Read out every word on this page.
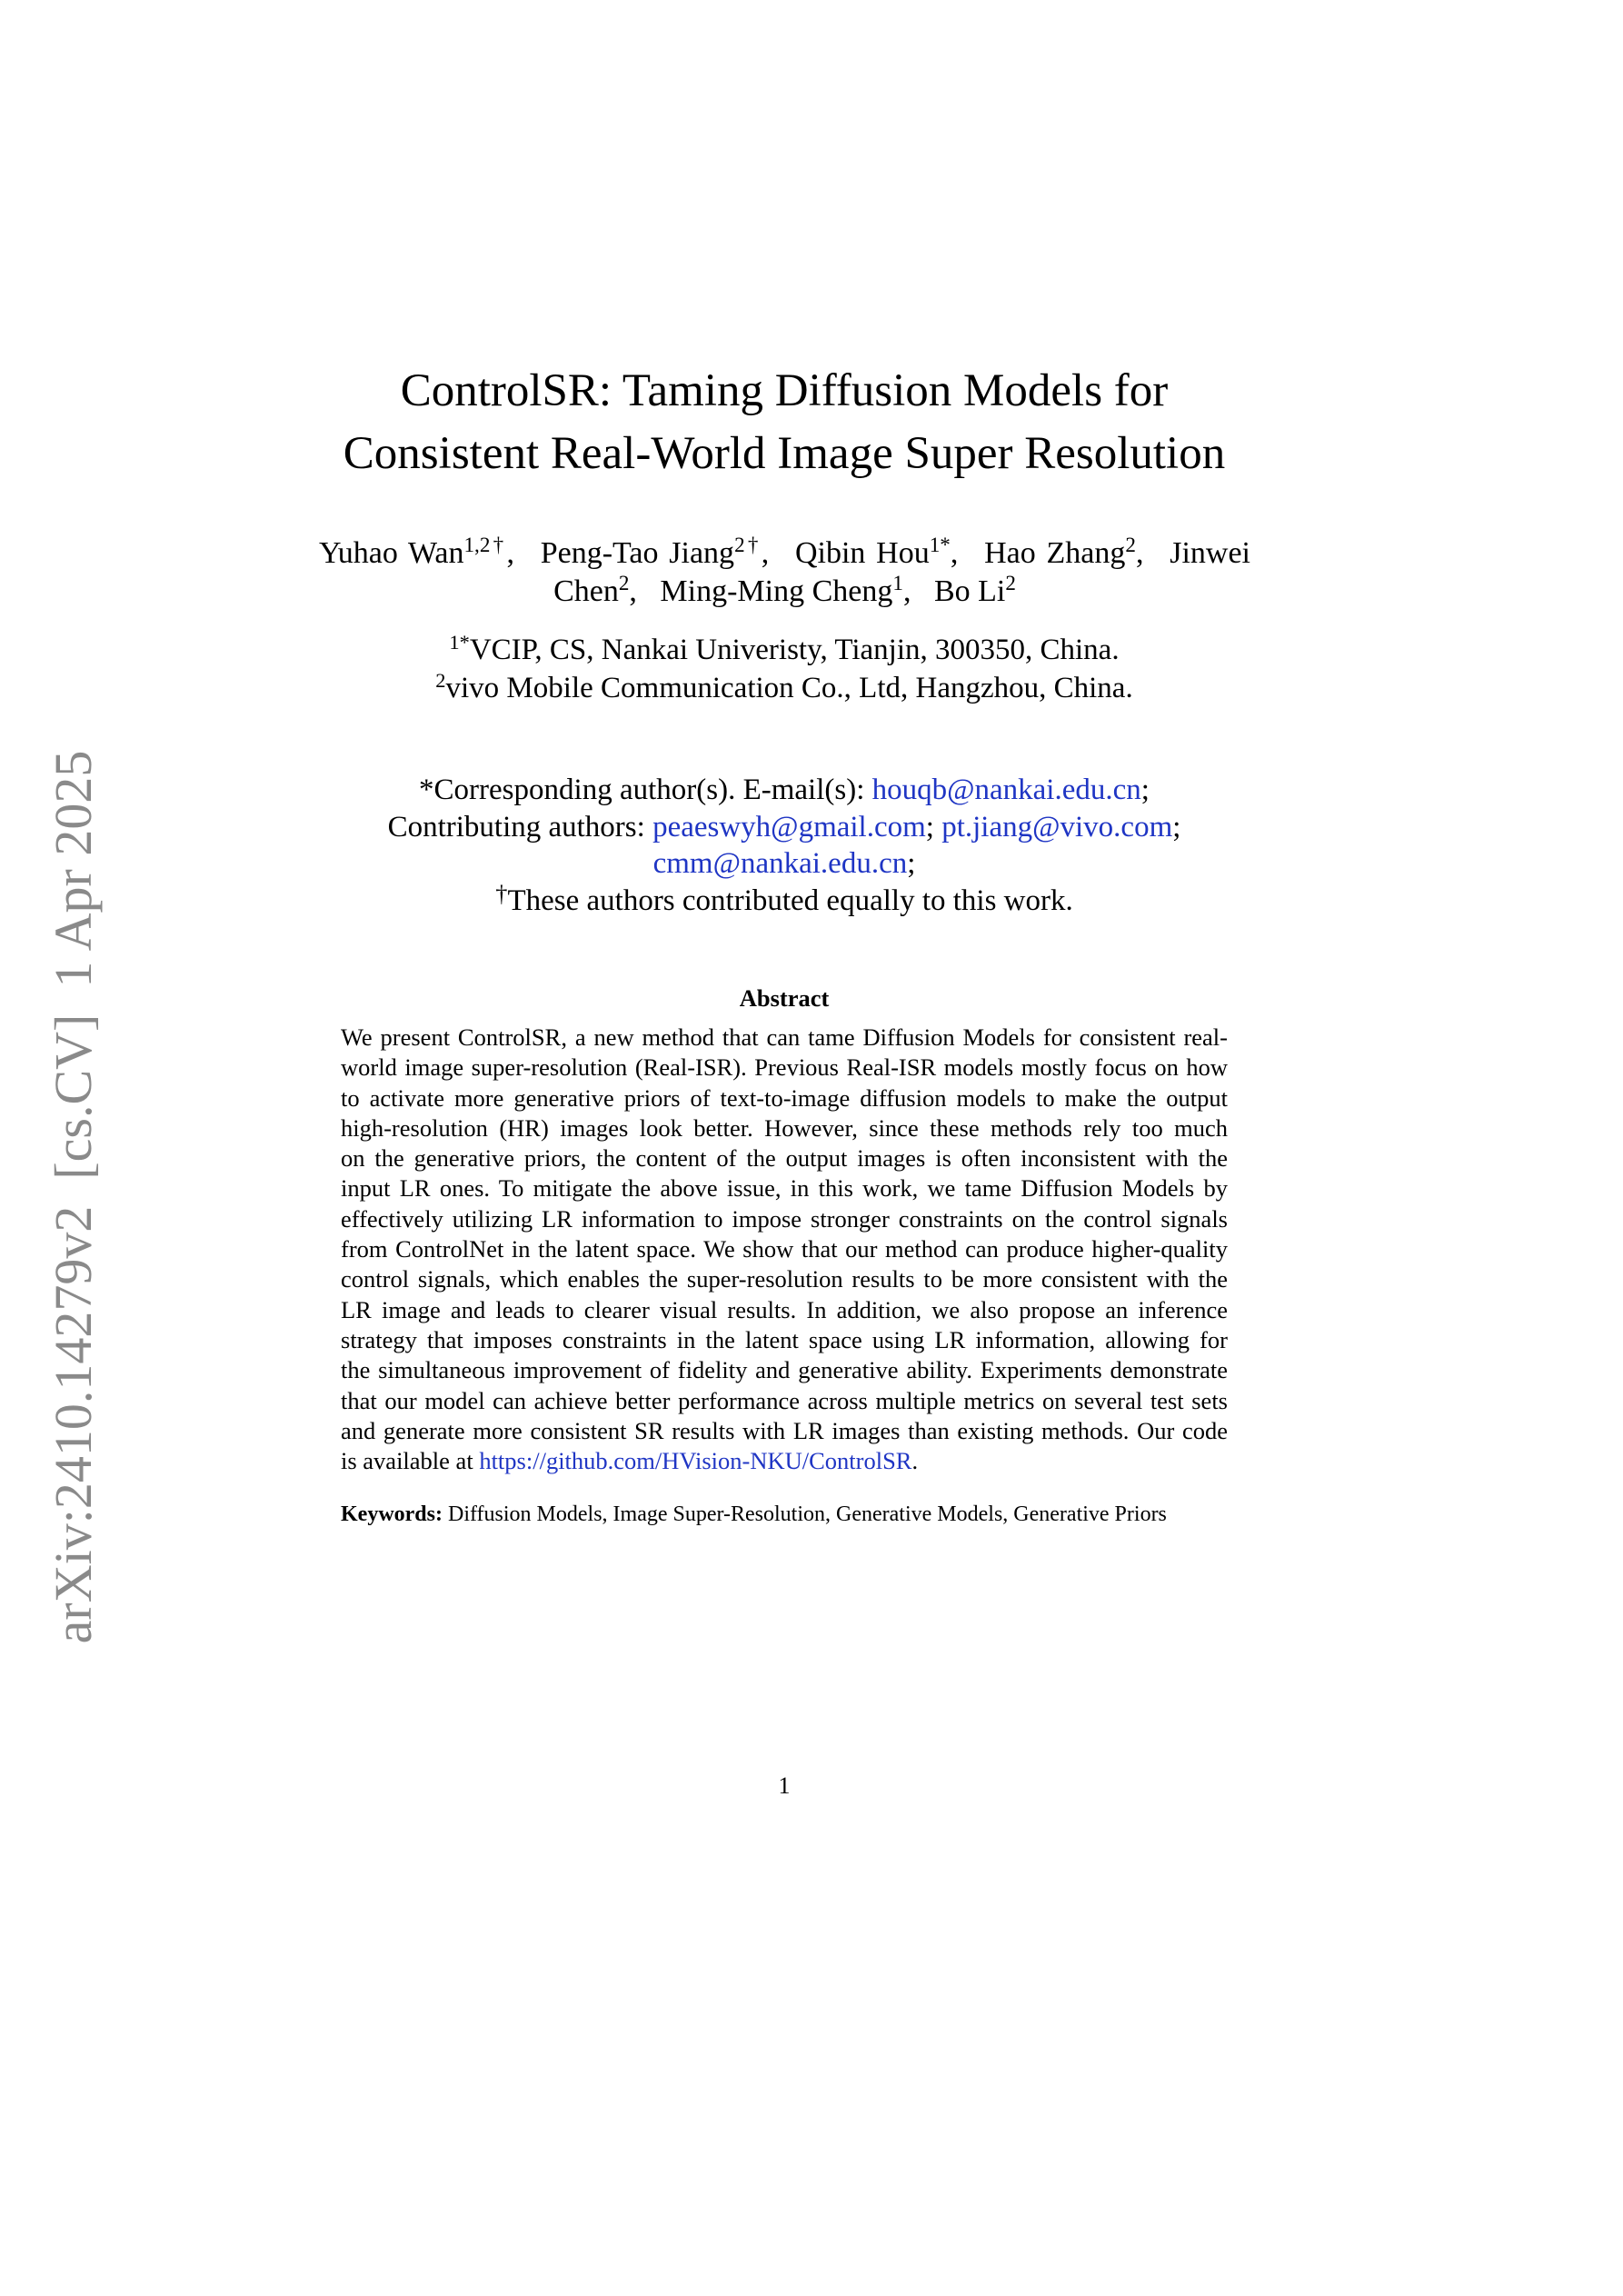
arXiv:2410.14279v2  [cs.CV]  1 Apr 2025
ControlSR: Taming Diffusion Models for
Consistent Real-World Image Super Resolution
Yuhao Wan$^{1,2\dagger}$, Peng-Tao Jiang$^{2\dagger}$, Qibin Hou$^{1*}$, Hao Zhang$^2$, Jinwei
Chen$^2$, Ming-Ming Cheng$^1$, Bo Li$^2$
$^{1*}$VCIP, CS, Nankai Univeristy, Tianjin, 300350, China.
$^2$vivo Mobile Communication Co., Ltd, Hangzhou, China.
*Corresponding author(s). E-mail(s): houqb@nankai.edu.cn;
Contributing authors: peaeswyh@gmail.com; pt.jiang@vivo.com;
cmm@nankai.edu.cn;
†These authors contributed equally to this work.
Abstract
We present ControlSR, a new method that can tame Diffusion Models for consistent real-
world image super-resolution (Real-ISR). Previous Real-ISR models mostly focus on how
to activate more generative priors of text-to-image diffusion models to make the output
high-resolution (HR) images look better. However, since these methods rely too much
on the generative priors, the content of the output images is often inconsistent with the
input LR ones. To mitigate the above issue, in this work, we tame Diffusion Models by
effectively utilizing LR information to impose stronger constraints on the control signals
from ControlNet in the latent space. We show that our method can produce higher-quality
control signals, which enables the super-resolution results to be more consistent with the
LR image and leads to clearer visual results. In addition, we also propose an inference
strategy that imposes constraints in the latent space using LR information, allowing for
the simultaneous improvement of fidelity and generative ability. Experiments demonstrate
that our model can achieve better performance across multiple metrics on several test sets
and generate more consistent SR results with LR images than existing methods. Our code
is available at https://github.com/HVision-NKU/ControlSR.
Keywords: Diffusion Models, Image Super-Resolution, Generative Models, Generative Priors
1
